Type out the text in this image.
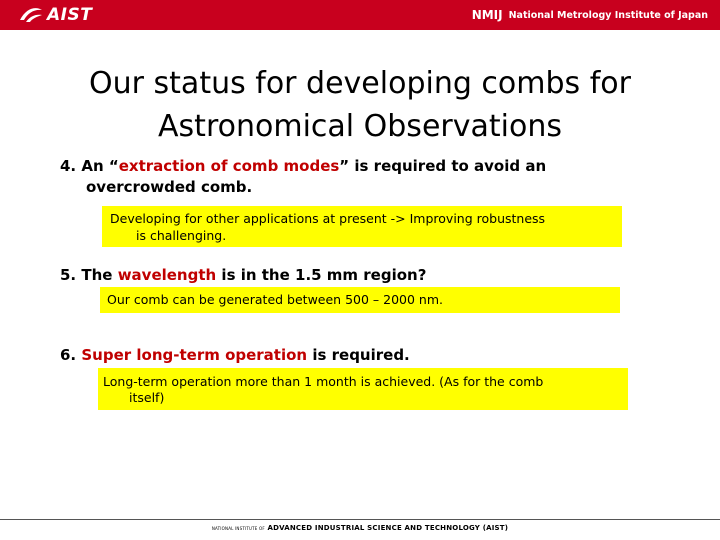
AIST	NMIJ National Metrology Institute of Japan
Our status for developing combs for
Astronomical Observations
4. An “extraction of comb modes” is required to avoid an
overcrowded comb.
Developing for other applications at present -> Improving robustness
is challenging.
5. The wavelength is in the 1.5 mm region?
Our comb can be generated between 500 – 2000 nm.
6. Super long-term operation is required.
Long-term operation more than 1 month is achieved. (As for the comb
itself)
NATIONAL INSTITUTE OF ADVANCED INDUSTRIAL SCIENCE AND TECHNOLOGY (AIST)
